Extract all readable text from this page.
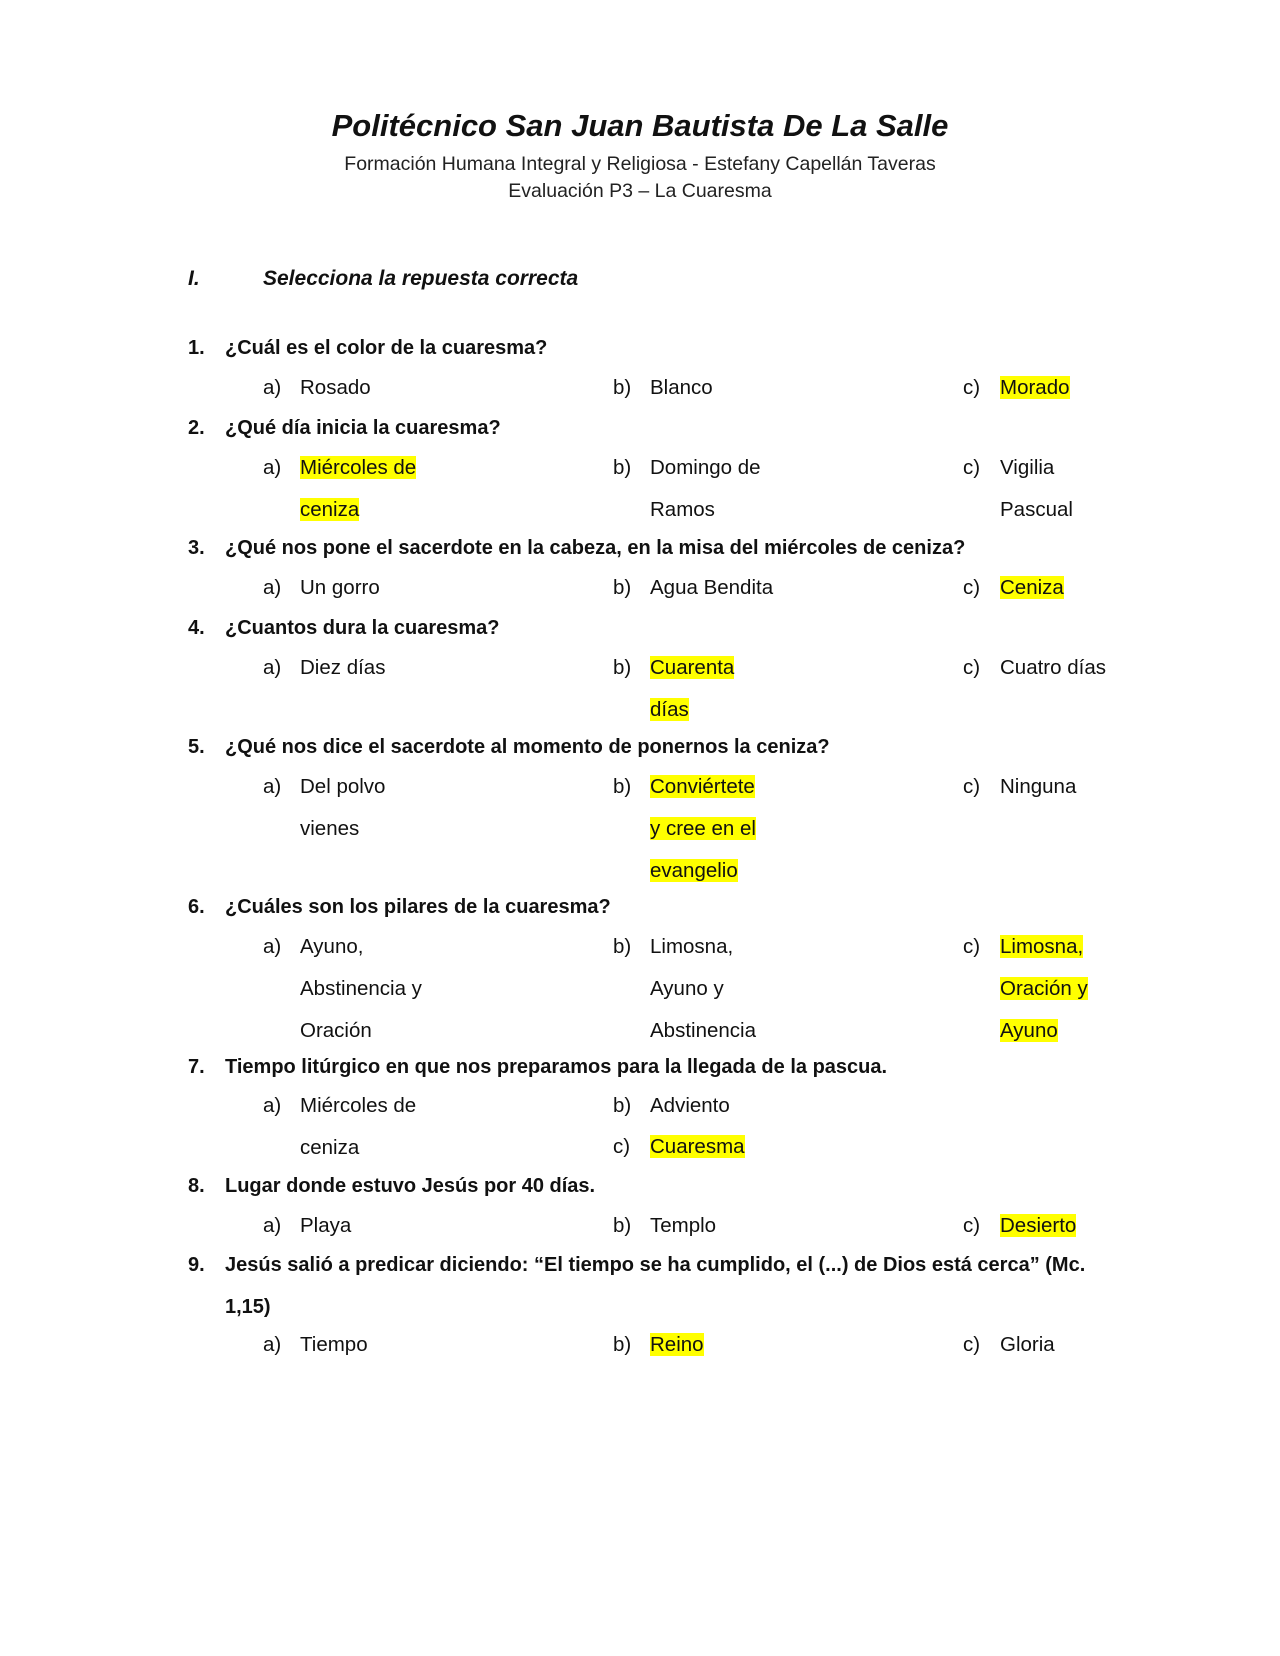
Politécnico San Juan Bautista De La Salle
Formación Humana Integral y Religiosa - Estefany Capellán Taveras
Evaluación P3 – La Cuaresma
I.	Selecciona la repuesta correcta
1. ¿Cuál es el color de la cuaresma?
a) Rosado	b) Blanco	c) Morado
2. ¿Qué día inicia la cuaresma?
a) Miércoles de
ceniza
b) Domingo de
Ramos
c) Vigilia
Pascual
3. ¿Qué nos pone el sacerdote en la cabeza, en la misa del miércoles de ceniza?
a) Un gorro	b) Agua Bendita	c) Ceniza
4. ¿Cuantos dura la cuaresma?
a) Diez días	b) Cuarenta
días
c) Cuatro días
5. ¿Qué nos dice el sacerdote al momento de ponernos la ceniza?
a) Del polvo
vienes
b) Conviértete
y cree en el
evangelio
c) Ninguna
6. ¿Cuáles son los pilares de la cuaresma?
a) Ayuno,
Abstinencia y
Oración
b) Limosna,
Ayuno y
Abstinencia
c) Limosna,
Oración y
Ayuno
7. Tiempo litúrgico en que nos preparamos para la llegada de la pascua.
a) Miércoles de
ceniza
b) Adviento
c) Cuaresma
8. Lugar donde estuvo Jesús por 40 días.
a) Playa	b) Templo	c) Desierto
9. Jesús salió a predicar diciendo: “El tiempo se ha cumplido, el (...) de Dios está cerca” (Mc. 1,15)
a) Tiempo	b) Reino	c) Gloria
